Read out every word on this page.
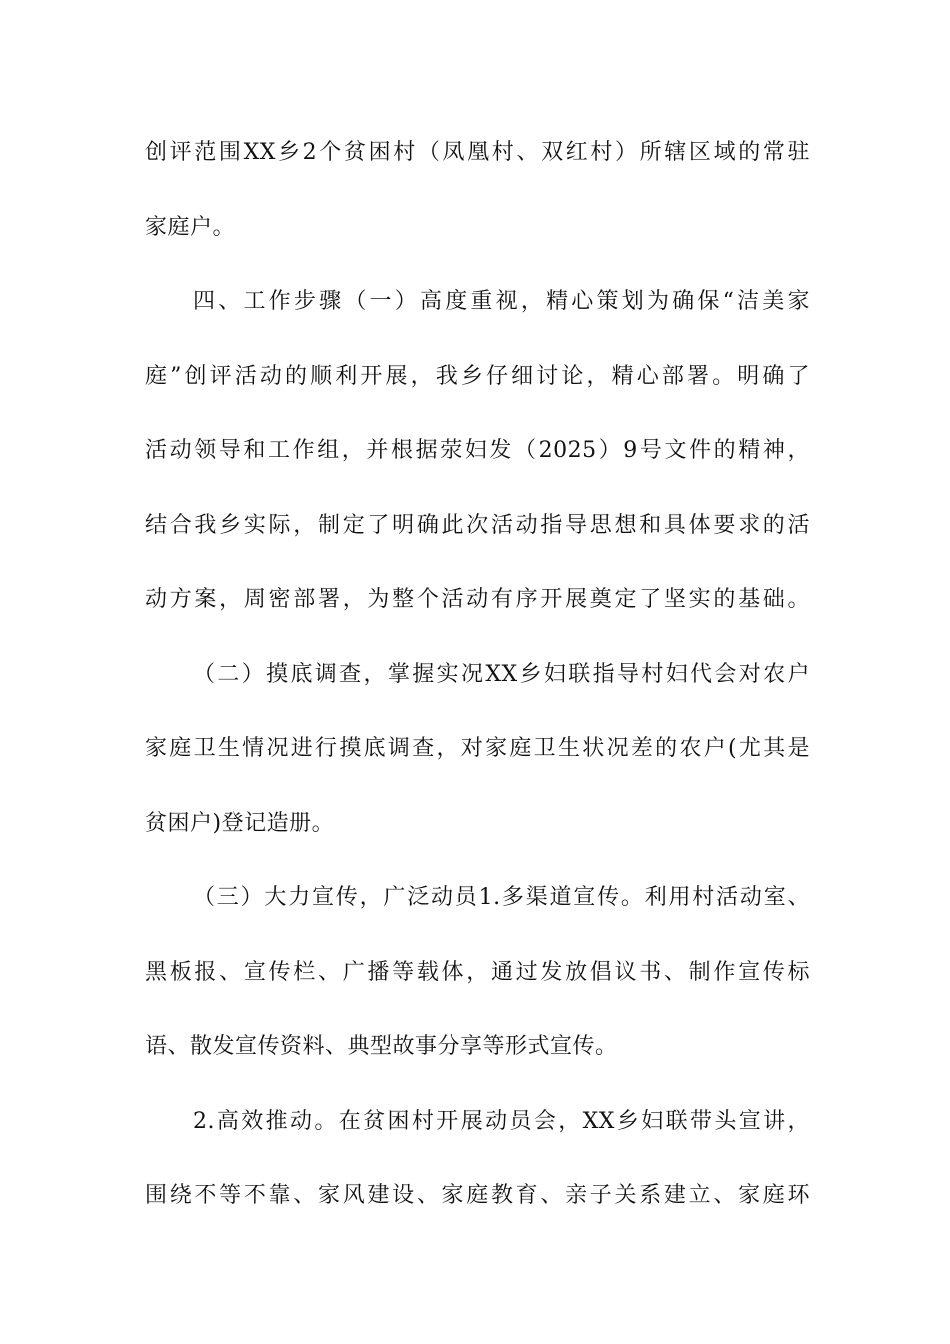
创评范围XX乡2个贫困村（凤凰村、双红村）所辖区域的常驻
家庭户。
四、工作步骤（一）高度重视，精心策划为确保“洁美家
庭”创评活动的顺利开展，我乡仔细讨论，精心部署。明确了
活动领导和工作组，并根据荥妇发（2025）9号文件的精神，
结合我乡实际，制定了明确此次活动指导思想和具体要求的活
动方案，周密部署，为整个活动有序开展奠定了坚实的基础。
（二）摸底调查，掌握实况XX乡妇联指导村妇代会对农户
家庭卫生情况进行摸底调查，对家庭卫生状况差的农户(尤其是
贫困户)登记造册。
（三）大力宣传，广泛动员1.多渠道宣传。利用村活动室、
黑板报、宣传栏、广播等载体，通过发放倡议书、制作宣传标
语、散发宣传资料、典型故事分享等形式宣传。
2.高效推动。在贫困村开展动员会，XX乡妇联带头宣讲，
围绕不等不靠、家风建设、家庭教育、亲子关系建立、家庭环
